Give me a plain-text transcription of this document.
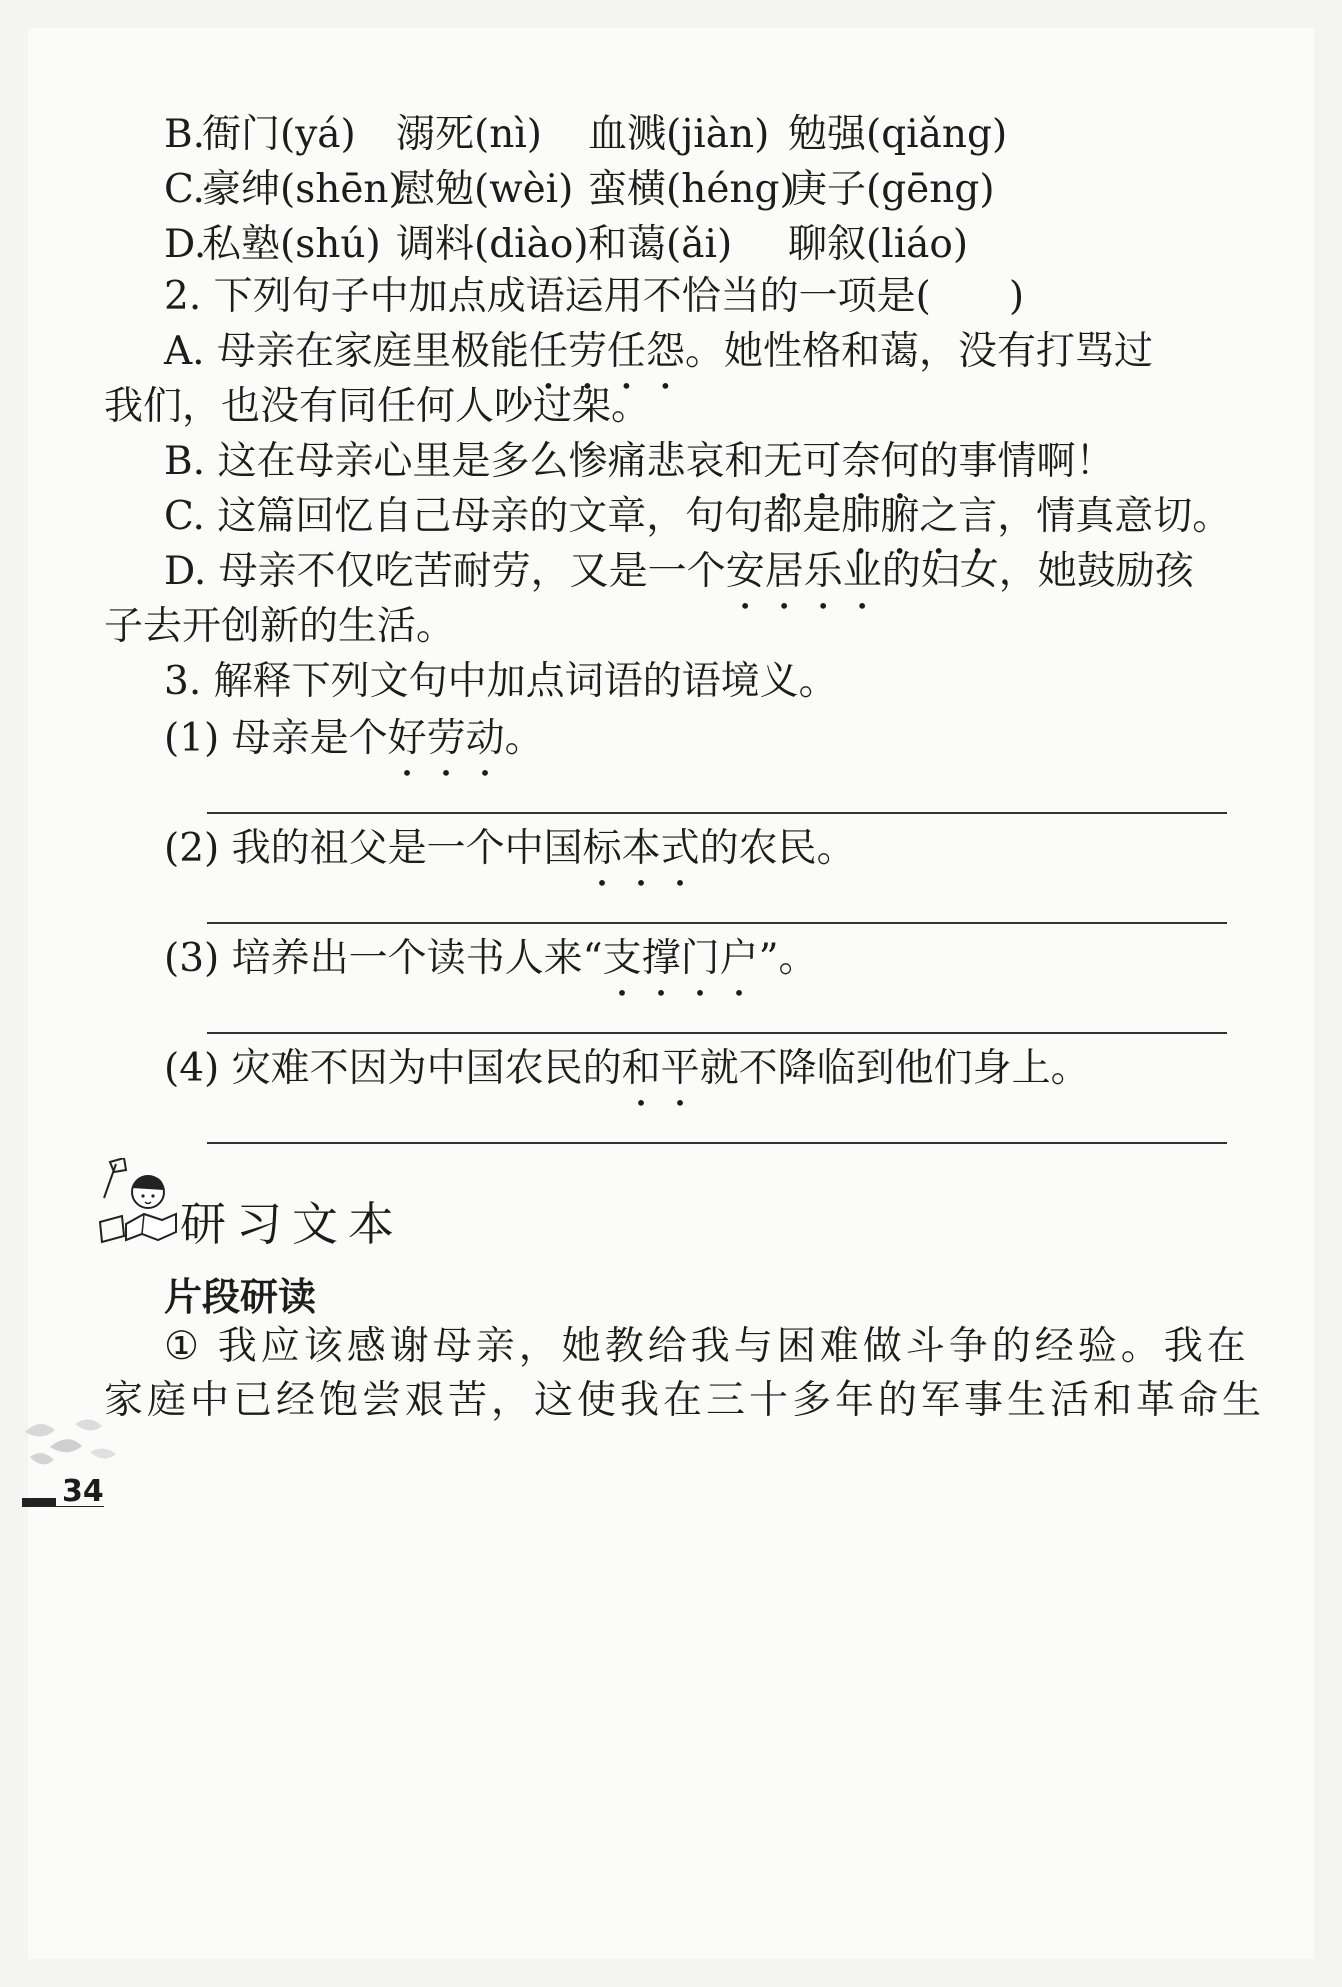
B.
衙门(yá) 溺死(nì) 血溅(jiàn) 勉强(qiǎng)
C.
豪绅(shēn)
慰勉(wèi) 蛮横(héng)
庚子(gēng)
D.
私塾(shú) 调料(diào) 和蔼(ǎi) 聊叙(liáo)
2. 下列句子中加点成语运用不恰当的一项是(　　)
A. 母亲在家庭里极能任劳任怨。她性格和蔼，没有打骂过
我们，也没有同任何人吵过架。
B. 这在母亲心里是多么惨痛悲哀和无可奈何的事情啊！
C. 这篇回忆自己母亲的文章，句句都是肺腑之言，情真意切。
D. 母亲不仅吃苦耐劳，又是一个安居乐业的妇女，她鼓励孩
子去开创新的生活。
3. 解释下列文句中加点词语的语境义。
(1) 母亲是个好劳动。
(2) 我的祖父是一个中国标本式的农民。
(3) 培养出一个读书人来“支撑门户”。
(4) 灾难不因为中国农民的和平就不降临到他们身上。
研习文本
片段研读
① 我应该感谢母亲，她教给我与困难做斗争的经验。我在
家庭中已经饱尝艰苦，这使我在三十多年的军事生活和革命生
34
